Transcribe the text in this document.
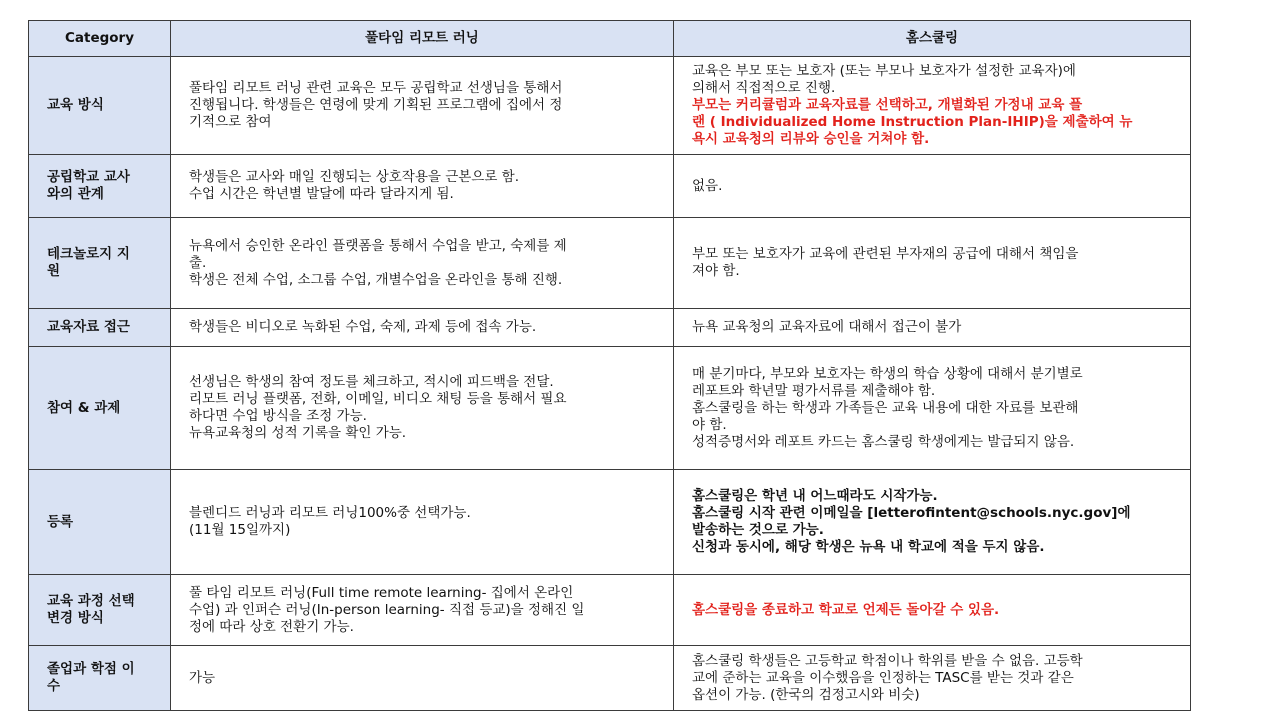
Category	풀타임 리모트 러닝	홈스쿨링
교육 방식	풀타임 리모트 러닝 관련 교육은 모두 공립학교 선생님을 통해서
진행됩니다. 학생들은 연령에 맞게 기획된 프로그램에 집에서 정
기적으로 참여	교육은 부모 또는 보호자 (또는 부모나 보호자가 설정한 교육자)에
의해서 직접적으로 진행.
부모는 커리큘럼과 교육자료를 선택하고, 개별화된 가정내 교육 플
랜 ( Individualized Home Instruction Plan-IHIP)을 제출하여 뉴
욕시 교육청의 리뷰와 승인을 거쳐야 함.

공립학교 교사
와의 관계	학생들은 교사와 매일 진행되는 상호작용을 근본으로 함.
수업 시간은 학년별 발달에 따라 달라지게 됨.	없음.

테크놀로지 지
원	뉴욕에서 승인한 온라인 플랫폼을 통해서 수업을 받고, 숙제를 제
출.
학생은 전체 수업, 소그룹 수업, 개별수업을 온라인을 통해 진행.	부모 또는 보호자가 교육에 관련된 부자재의 공급에 대해서 책임을
져야 함.

교육자료 접근	학생들은 비디오로 녹화된 수업, 숙제, 과제 등에 접속 가능.	뉴욕 교육청의 교육자료에 대해서 접근이 불가

참여 & 과제	선생님은 학생의 참여 정도를 체크하고, 적시에 피드백을 전달.
리모트 러닝 플랫폼, 전화, 이메일, 비디오 채팅 등을 통해서 필요
하다면 수업 방식을 조정 가능.
뉴욕교육청의 성적 기록을 확인 가능.	매 분기마다, 부모와 보호자는 학생의 학습 상황에 대해서 분기별로
레포트와 학년말 평가서류를 제출해야 함.
홈스쿨링을 하는 학생과 가족들은 교육 내용에 대한 자료를 보관해
야 함.
성적증명서와 레포트 카드는 홈스쿨링 학생에게는 발급되지 않음.

등록	블렌디드 러닝과 리모트 러닝100%중 선택가능.
(11월 15일까지)	홈스쿨링은 학년 내 어느때라도 시작가능.
홈스쿨링 시작 관련 이메일을 [letterofintent@schools.nyc.gov]에
발송하는 것으로 가능.
신청과 동시에, 해당 학생은 뉴욕 내 학교에 적을 두지 않음.

교육 과정 선택
변경 방식	풀 타임 리모트 러닝(Full time remote learning- 집에서 온라인
수업) 과 인퍼슨 러닝(In-person learning- 직접 등교)을 정해진 일
정에 따라 상호 전환기 가능.	홈스쿨링을 종료하고 학교로 언제든 돌아갈 수 있음.

졸업과 학점 이
수	가능	홈스쿨링 학생들은 고등학교 학점이나 학위를 받을 수 없음. 고등학
교에 준하는 교육을 이수했음을 인정하는 TASC를 받는 것과 같은
옵션이 가능. (한국의 검정고시와 비슷)
